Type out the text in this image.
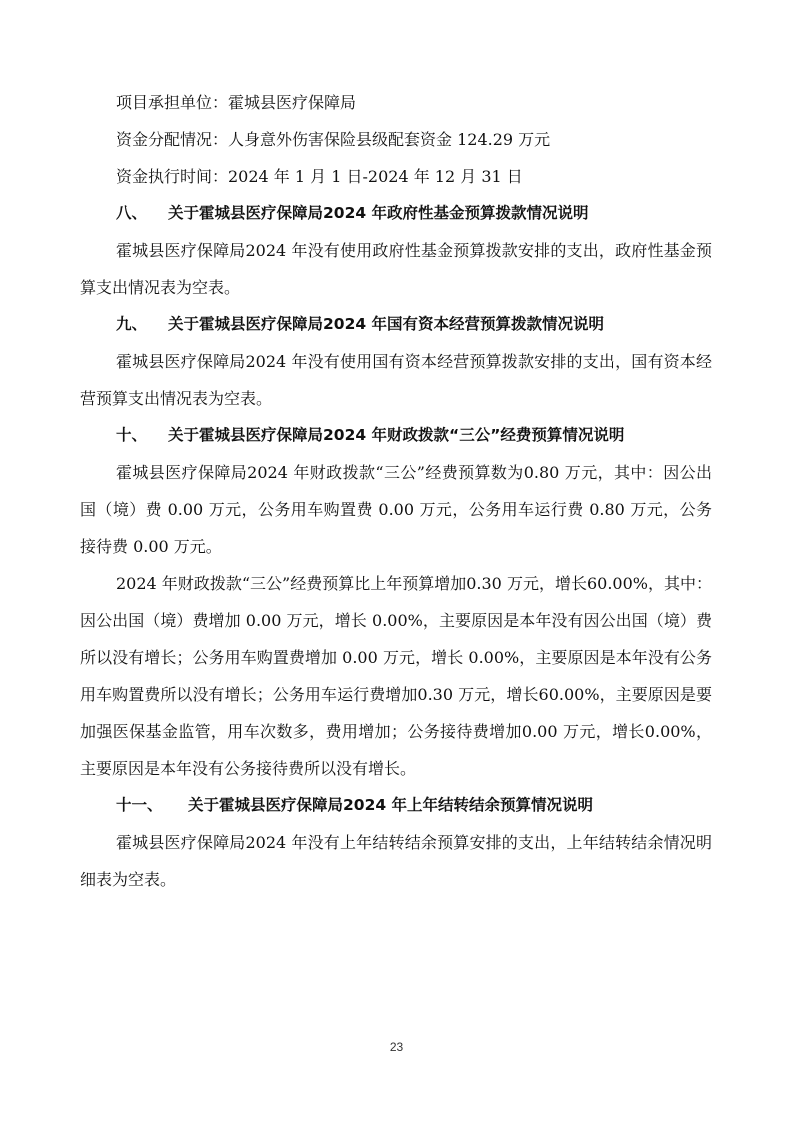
项目承担单位：霍城县医疗保障局

资金分配情况：人身意外伤害保险县级配套资金 124.29 万元

资金执行时间：2024 年 1 月 1 日-2024 年 12 月 31 日

八、 关于霍城县医疗保障局2024 年政府性基金预算拨款情况说明

霍城县医疗保障局2024 年没有使用政府性基金预算拨款安排的支出，政府性基金预算支出情况表为空表。

九、 关于霍城县医疗保障局2024 年国有资本经营预算拨款情况说明

霍城县医疗保障局2024 年没有使用国有资本经营预算拨款安排的支出，国有资本经营预算支出情况表为空表。

十、 关于霍城县医疗保障局2024 年财政拨款“三公”经费预算情况说明

霍城县医疗保障局2024 年财政拨款“三公”经费预算数为0.80 万元，其中：因公出国（境）费 0.00 万元，公务用车购置费 0.00 万元，公务用车运行费 0.80 万元，公务接待费 0.00 万元。

2024 年财政拨款“三公”经费预算比上年预算增加0.30 万元，增长60.00%，其中：因公出国（境）费增加 0.00 万元，增长 0.00%，主要原因是本年没有因公出国（境）费所以没有增长；公务用车购置费增加 0.00 万元，增长 0.00%，主要原因是本年没有公务用车购置费所以没有增长；公务用车运行费增加0.30 万元，增长60.00%，主要原因是要加强医保基金监管，用车次数多，费用增加；公务接待费增加0.00 万元，增长0.00%，主要原因是本年没有公务接待费所以没有增长。

十一、 关于霍城县医疗保障局2024 年上年结转结余预算情况说明

霍城县医疗保障局2024 年没有上年结转结余预算安排的支出，上年结转结余情况明细表为空表。

23
